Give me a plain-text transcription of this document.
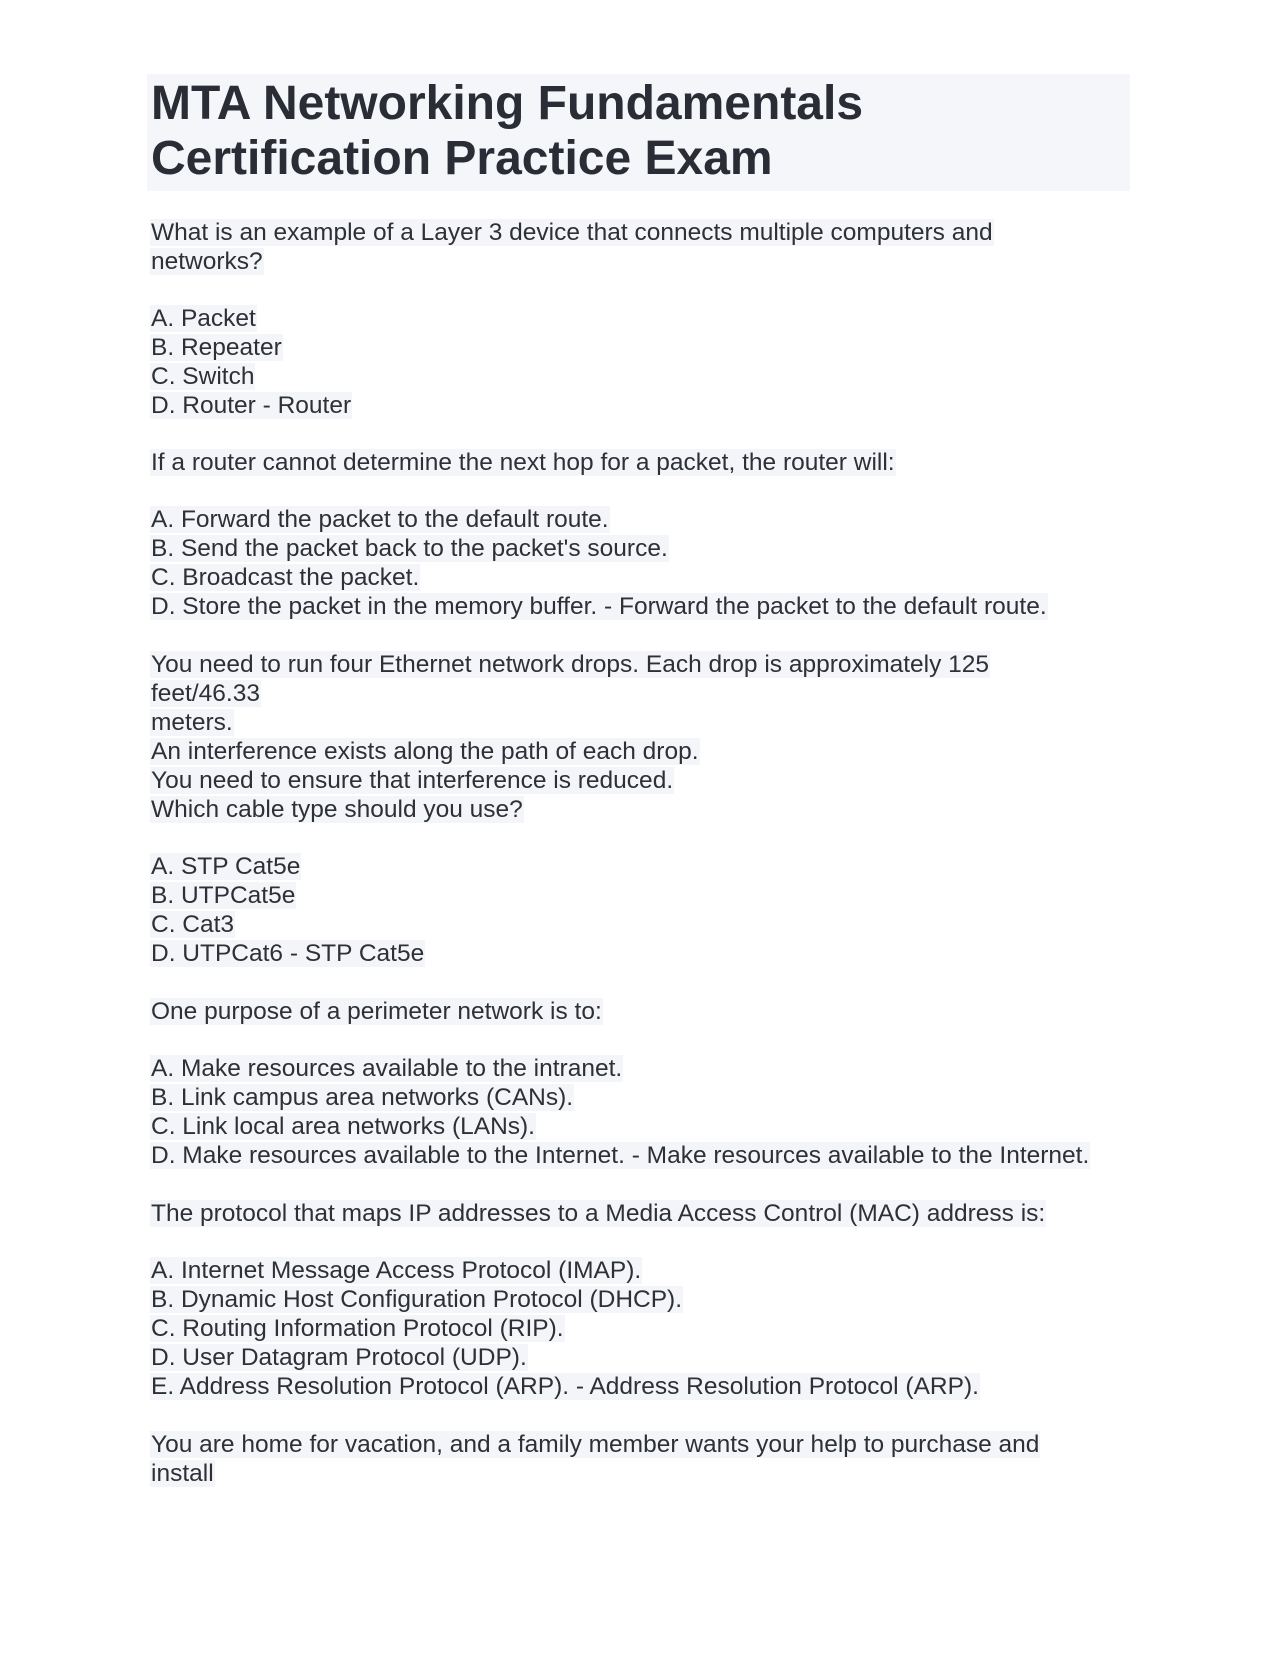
MTA Networking Fundamentals
Certification Practice Exam
What is an example of a Layer 3 device that connects multiple computers and
networks?
A. Packet
B. Repeater
C. Switch
D. Router - Router
If a router cannot determine the next hop for a packet, the router will:
A. Forward the packet to the default route.
B. Send the packet back to the packet's source.
C. Broadcast the packet.
D. Store the packet in the memory buffer. - Forward the packet to the default route.
You need to run four Ethernet network drops. Each drop is approximately 125
feet/46.33
meters.
An interference exists along the path of each drop.
You need to ensure that interference is reduced.
Which cable type should you use?
A. STP Cat5e
B. UTPCat5e
C. Cat3
D. UTPCat6 - STP Cat5e
One purpose of a perimeter network is to:
A. Make resources available to the intranet.
B. Link campus area networks (CANs).
C. Link local area networks (LANs).
D. Make resources available to the Internet. - Make resources available to the Internet.
The protocol that maps IP addresses to a Media Access Control (MAC) address is:
A. Internet Message Access Protocol (IMAP).
B. Dynamic Host Configuration Protocol (DHCP).
C. Routing Information Protocol (RIP).
D. User Datagram Protocol (UDP).
E. Address Resolution Protocol (ARP). - Address Resolution Protocol (ARP).
You are home for vacation, and a family member wants your help to purchase and
install
